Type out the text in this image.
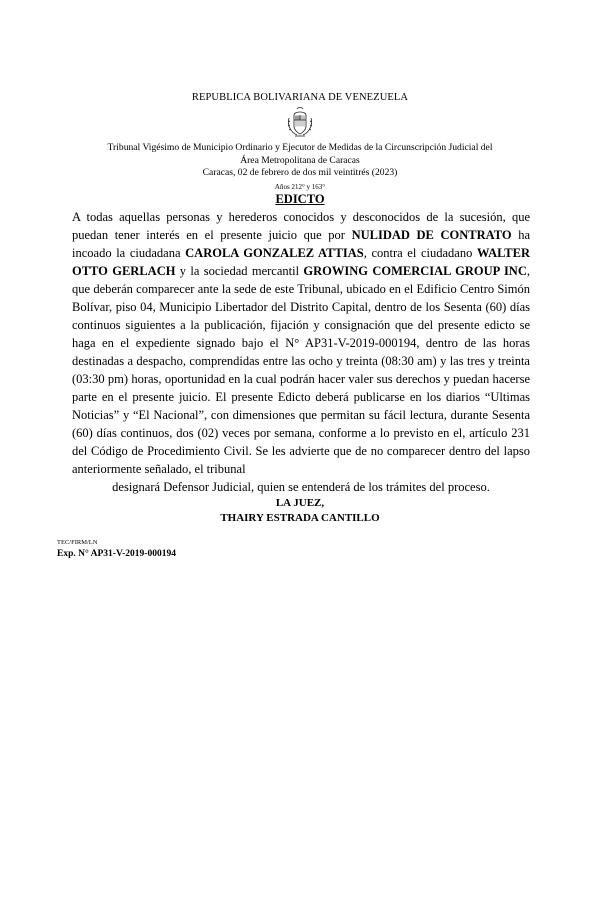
REPUBLICA BOLIVARIANA DE VENEZUELA
Tribunal Vigésimo de Municipio Ordinario y Ejecutor de Medidas de la Circunscripción Judicial del
Área Metropolitana de Caracas
Caracas, 02 de febrero de dos mil veintitrés (2023)
Años 212° y 163°
EDICTO
A todas aquellas personas y herederos conocidos y desconocidos de la sucesión, que puedan tener interés en el presente juicio que por NULIDAD DE CONTRATO ha incoado la ciudadana CAROLA GONZALEZ ATTIAS, contra el ciudadano WALTER OTTO GERLACH y la sociedad mercantil GROWING COMERCIAL GROUP INC, que deberán comparecer ante la sede de este Tribunal, ubicado en el Edificio Centro Simón Bolívar, piso 04, Municipio Libertador del Distrito Capital, dentro de los Sesenta (60) días continuos siguientes a la publicación, fijación y consignación que del presente edicto se haga en el expediente signado bajo el N° AP31-V-2019-000194, dentro de las horas destinadas a despacho, comprendidas entre las ocho y treinta (08:30 am) y las tres y treinta (03:30 pm) horas, oportunidad en la cual podrán hacer valer sus derechos y puedan hacerse parte en el presente juicio. El presente Edicto deberá publicarse en los diarios “Ultimas Noticias” y “El Nacional”, con dimensiones que permitan su fácil lectura, durante Sesenta (60) días continuos, dos (02) veces por semana, conforme a lo previsto en el, artículo 231 del Código de Procedimiento Civil. Se les advierte que de no comparecer dentro del lapso anteriormente señalado, el tribunal
designará Defensor Judicial, quien se entenderá de los trámites del proceso.
LA JUEZ,
THAIRY ESTRADA CANTILLO
TEC/FIRM/LN
Exp. N° AP31-V-2019-000194
